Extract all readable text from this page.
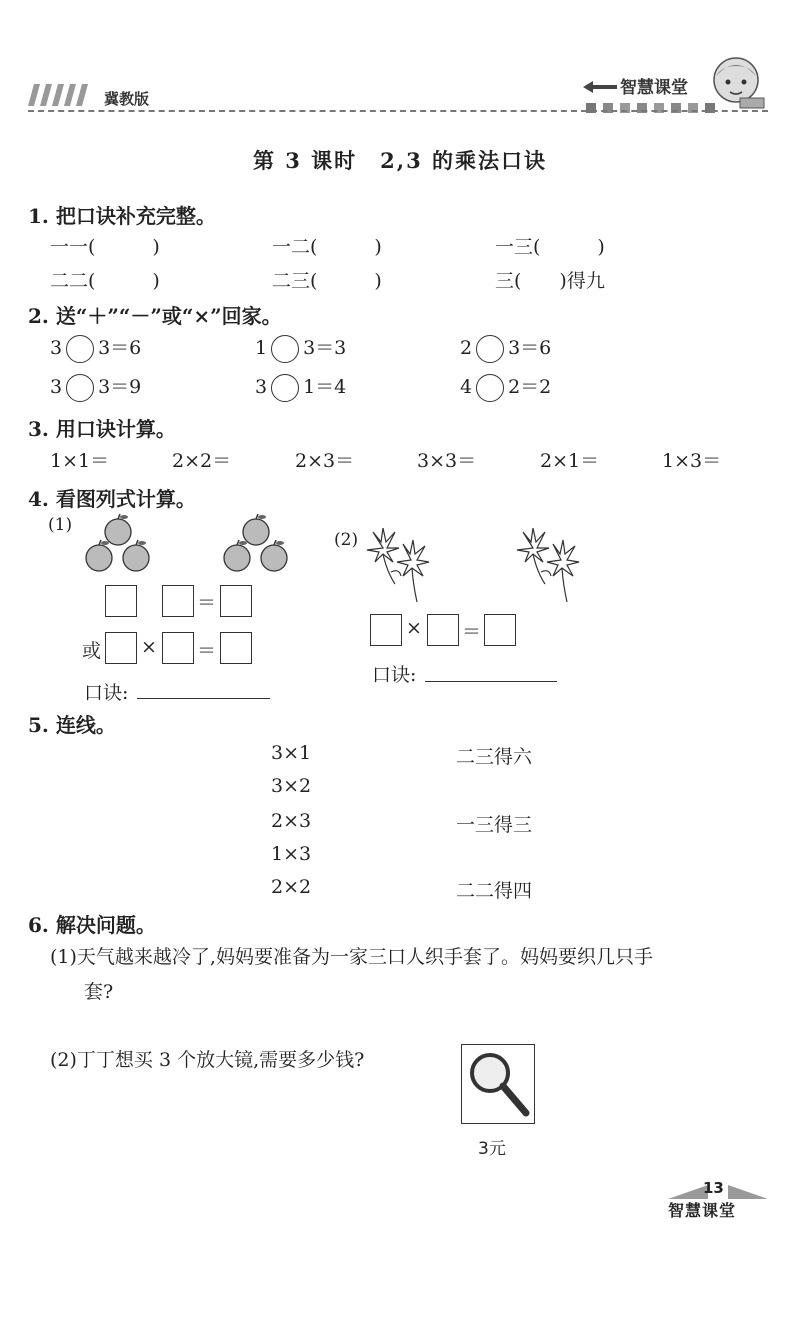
冀教版
智慧课堂
第 3 课时　2,3 的乘法口诀
1. 把口诀补充完整。
一一(　　　)	一二(　　　)	一三(　　　)
二二(　　　)	二三(　　　)	三(　　)得九
2. 送“＋”“－”或“×”回家。
3 3＝6	1 3＝3	2 3＝6
3 3＝9	3 1＝4	4 2＝2
3. 用口诀计算。
1×1＝	2×2＝	2×3＝	3×3＝	2×1＝	1×3＝
4. 看图列式计算。
(1)
＝
或 × ＝
口诀:
(2)
× ＝
口诀:
5. 连线。
3×1
3×2
2×3
1×3
2×2
二三得六
一三得三
二二得四
6. 解决问题。
(1)天气越来越冷了,妈妈要准备为一家三口人织手套了。妈妈要织几只手
套?
(2)丁丁想买 3 个放大镜,需要多少钱?
3元
13
智慧课堂
